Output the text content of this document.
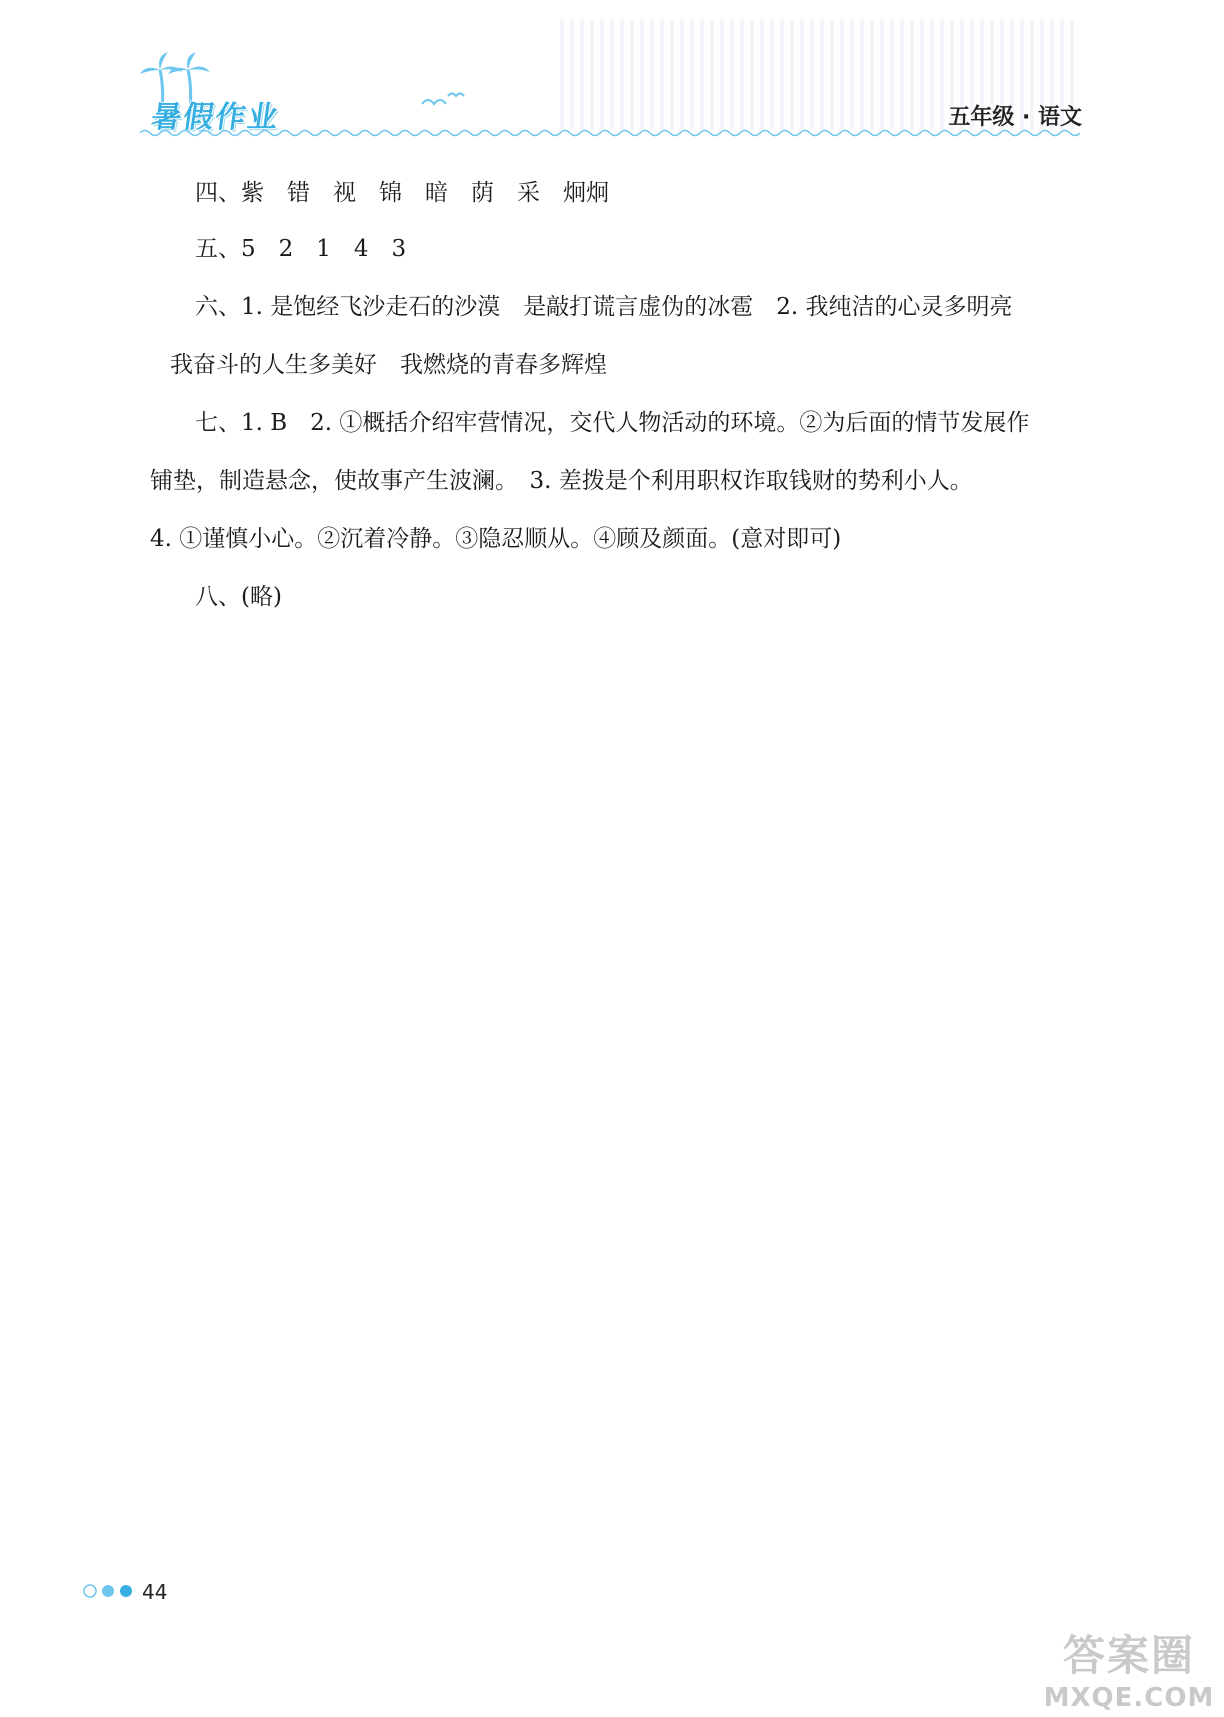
暑假作业	五年级 · 语文
四、紫　错　视　锦　暗　荫　采　炯炯
五、5　2　1　4　3
六、1. 是饱经飞沙走石的沙漠　是敲打谎言虚伪的冰雹　2. 我纯洁的心灵多明亮
我奋斗的人生多美好　我燃烧的青春多辉煌
七、1. B　2. ①概括介绍牢营情况，交代人物活动的环境。②为后面的情节发展作
铺垫，制造悬念，使故事产生波澜。　3. 差拨是个利用职权诈取钱财的势利小人。
4. ①谨慎小心。②沉着冷静。③隐忍顺从。④顾及颜面。(意对即可)
八、(略)
44
答案圈
MXQE.COM
